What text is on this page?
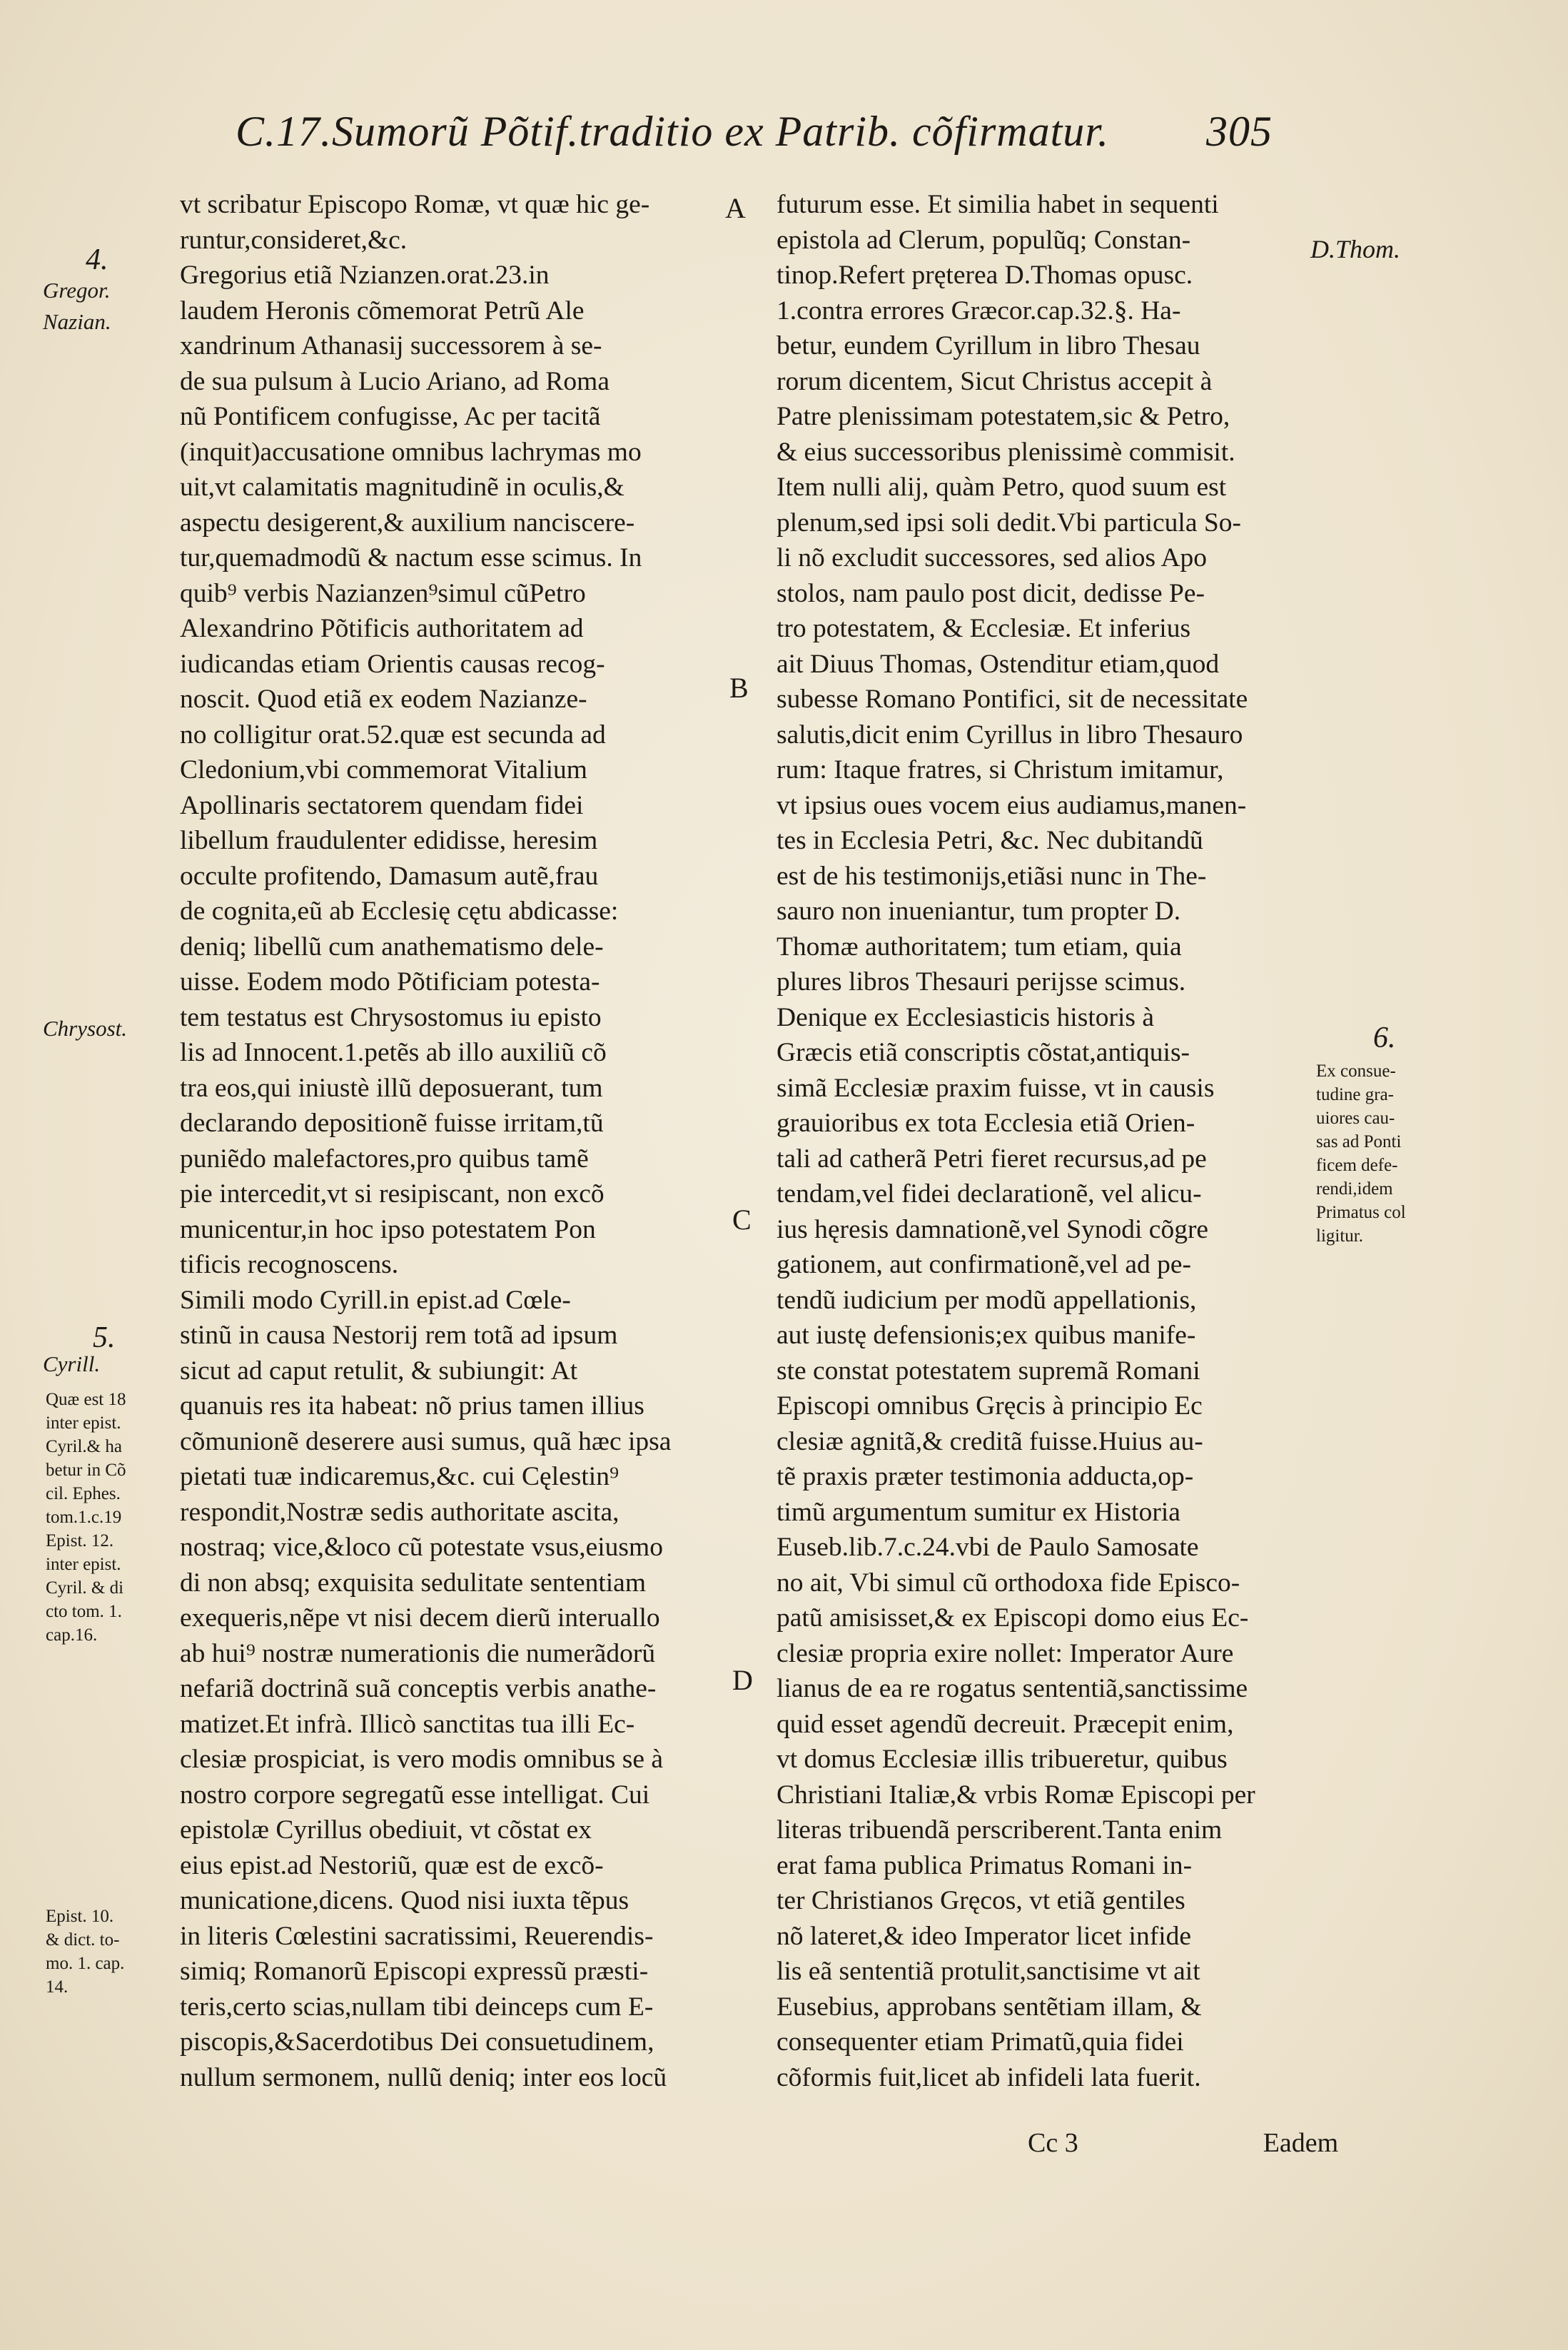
C.17.Sumorũ Põtif.traditio ex Patrib. cõfirmatur. 305
vt scribatur Episcopo Romæ, vt quæ hic ge-
runtur,consideret,&c.
Gregorius etiã Nzianzen.orat.23.in
laudem Heronis cõmemorat Petrũ Ale
xandrinum Athanasij successorem à se-
de sua pulsum à Lucio Ariano, ad Roma
nũ Pontificem confugisse, Ac per tacitã
(inquit)accusatione omnibus lachrymas mo
uit,vt calamitatis magnitudinẽ in oculis,&
aspectu desigerent,& auxilium nanciscere-
tur,quemadmodũ & nactum esse scimus. In
quib⁹ verbis Nazianzen⁹simul cũPetro
Alexandrino Põtificis authoritatem ad
iudicandas etiam Orientis causas recog-
noscit. Quod etiã ex eodem Nazianze-
no colligitur orat.52.quæ est secunda ad
Cledonium,vbi commemorat Vitalium
Apollinaris sectatorem quendam fidei
libellum fraudulenter edidisse, heresim
occulte profitendo, Damasum autẽ,frau
de cognita,eũ ab Ecclesię cętu abdicasse:
deniq; libellũ cum anathematismo dele-
uisse. Eodem modo Põtificiam potesta-
tem testatus est Chrysostomus iu episto
lis ad Innocent.1.petẽs ab illo auxiliũ cõ
tra eos,qui iniustè illũ deposuerant, tum
declarando depositionẽ fuisse irritam,tũ
puniẽdo malefactores,pro quibus tamẽ
pie intercedit,vt si resipiscant, non excõ
municentur,in hoc ipso potestatem Pon
tificis recognoscens.
Simili modo Cyrill.in epist.ad Cœle-
stinũ in causa Nestorij rem totã ad ipsum
sicut ad caput retulit, & subiungit: At
quanuis res ita habeat: nõ prius tamen illius
cõmunionẽ deserere ausi sumus, quã hæc ipsa
pietati tuæ indicaremus,&c. cui Cęlestin⁹
respondit,Nostræ sedis authoritate ascita,
nostraq; vice,&loco cũ potestate vsus,eiusmo
di non absq; exquisita sedulitate sententiam
exequeris,nẽpe vt nisi decem dierũ interuallo
ab hui⁹ nostræ numerationis die numerãdorũ
nefariã doctrinã suã conceptis verbis anathe-
matizet.Et infrà. Illicò sanctitas tua illi Ec-
clesiæ prospiciat, is vero modis omnibus se à
nostro corpore segregatũ esse intelligat. Cui
epistolæ Cyrillus obediuit, vt cõstat ex
eius epist.ad Nestoriũ, quæ est de excõ-
municatione,dicens. Quod nisi iuxta tẽpus
in literis Cœlestini sacratissimi, Reuerendis-
simiq; Romanorũ Episcopi expressũ præsti-
teris,certo scias,nullam tibi deinceps cum E-
piscopis,&Sacerdotibus Dei consuetudinem,
nullum sermonem, nullũ deniq; inter eos locũ
futurum esse. Et similia habet in sequenti
epistola ad Clerum, populũq; Constan-
tinop.Refert pręterea D.Thomas opusc.
1.contra errores Græcor.cap.32.§. Ha-
betur, eundem Cyrillum in libro Thesau
rorum dicentem, Sicut Christus accepit à
Patre plenissimam potestatem,sic & Petro,
& eius successoribus plenissimè commisit.
Item nulli alij, quàm Petro, quod suum est
plenum,sed ipsi soli dedit.Vbi particula So-
li nõ excludit successores, sed alios Apo
stolos, nam paulo post dicit, dedisse Pe-
tro potestatem, & Ecclesiæ. Et inferius
ait Diuus Thomas, Ostenditur etiam,quod
subesse Romano Pontifici, sit de necessitate
salutis,dicit enim Cyrillus in libro Thesauro
rum: Itaque fratres, si Christum imitamur,
vt ipsius oues vocem eius audiamus,manen-
tes in Ecclesia Petri, &c. Nec dubitandũ
est de his testimonijs,etiãsi nunc in The-
sauro non inueniantur, tum propter D.
Thomæ authoritatem; tum etiam, quia
plures libros Thesauri perijsse scimus.
Denique ex Ecclesiasticis historis à
Græcis etiã conscriptis cõstat,antiquis-
simã Ecclesiæ praxim fuisse, vt in causis
grauioribus ex tota Ecclesia etiã Orien-
tali ad catherã Petri fieret recursus,ad pe
tendam,vel fidei declarationẽ, vel alicu-
ius hęresis damnationẽ,vel Synodi cõgre
gationem, aut confirmationẽ,vel ad pe-
tendũ iudicium per modũ appellationis,
aut iustę defensionis;ex quibus manife-
ste constat potestatem supremã Romani
Episcopi omnibus Gręcis à principio Ec
clesiæ agnitã,& creditã fuisse.Huius au-
tẽ praxis præter testimonia adducta,op-
timũ argumentum sumitur ex Historia
Euseb.lib.7.c.24.vbi de Paulo Samosate
no ait, Vbi simul cũ orthodoxa fide Episco-
patũ amisisset,& ex Episcopi domo eius Ec-
clesiæ propria exire nollet: Imperator Aure
lianus de ea re rogatus sententiã,sanctissime
quid esset agendũ decreuit. Præcepit enim,
vt domus Ecclesiæ illis tribueretur, quibus
Christiani Italiæ,& vrbis Romæ Episcopi per
literas tribuendã perscriberent.Tanta enim
erat fama publica Primatus Romani in-
ter Christianos Gręcos, vt etiã gentiles
nõ lateret,& ideo Imperator licet infide
lis eã sententiã protulit,sanctisime vt ait
Eusebius, approbans sentẽtiam illam, &
consequenter etiam Primatũ,quia fidei
cõformis fuit,licet ab infideli lata fuerit.
A
B
C
D
4.
Gregor.
Nazian.
Chrysost.
5.
Cyrill.
Quæ est 18
inter epist.
Cyril.& ha
betur in Cõ
cil. Ephes.
tom.1.c.19
Epist. 12.
inter epist.
Cyril. & di
cto tom. 1.
cap.16.
Epist. 10.
& dict. to-
mo. 1. cap.
14.
D.Thom.
6.
Ex consue-
tudine gra-
uiores cau-
sas ad Ponti
ficem defe-
rendi,idem
Primatus col
ligitur.
Cc 3	Eadem
